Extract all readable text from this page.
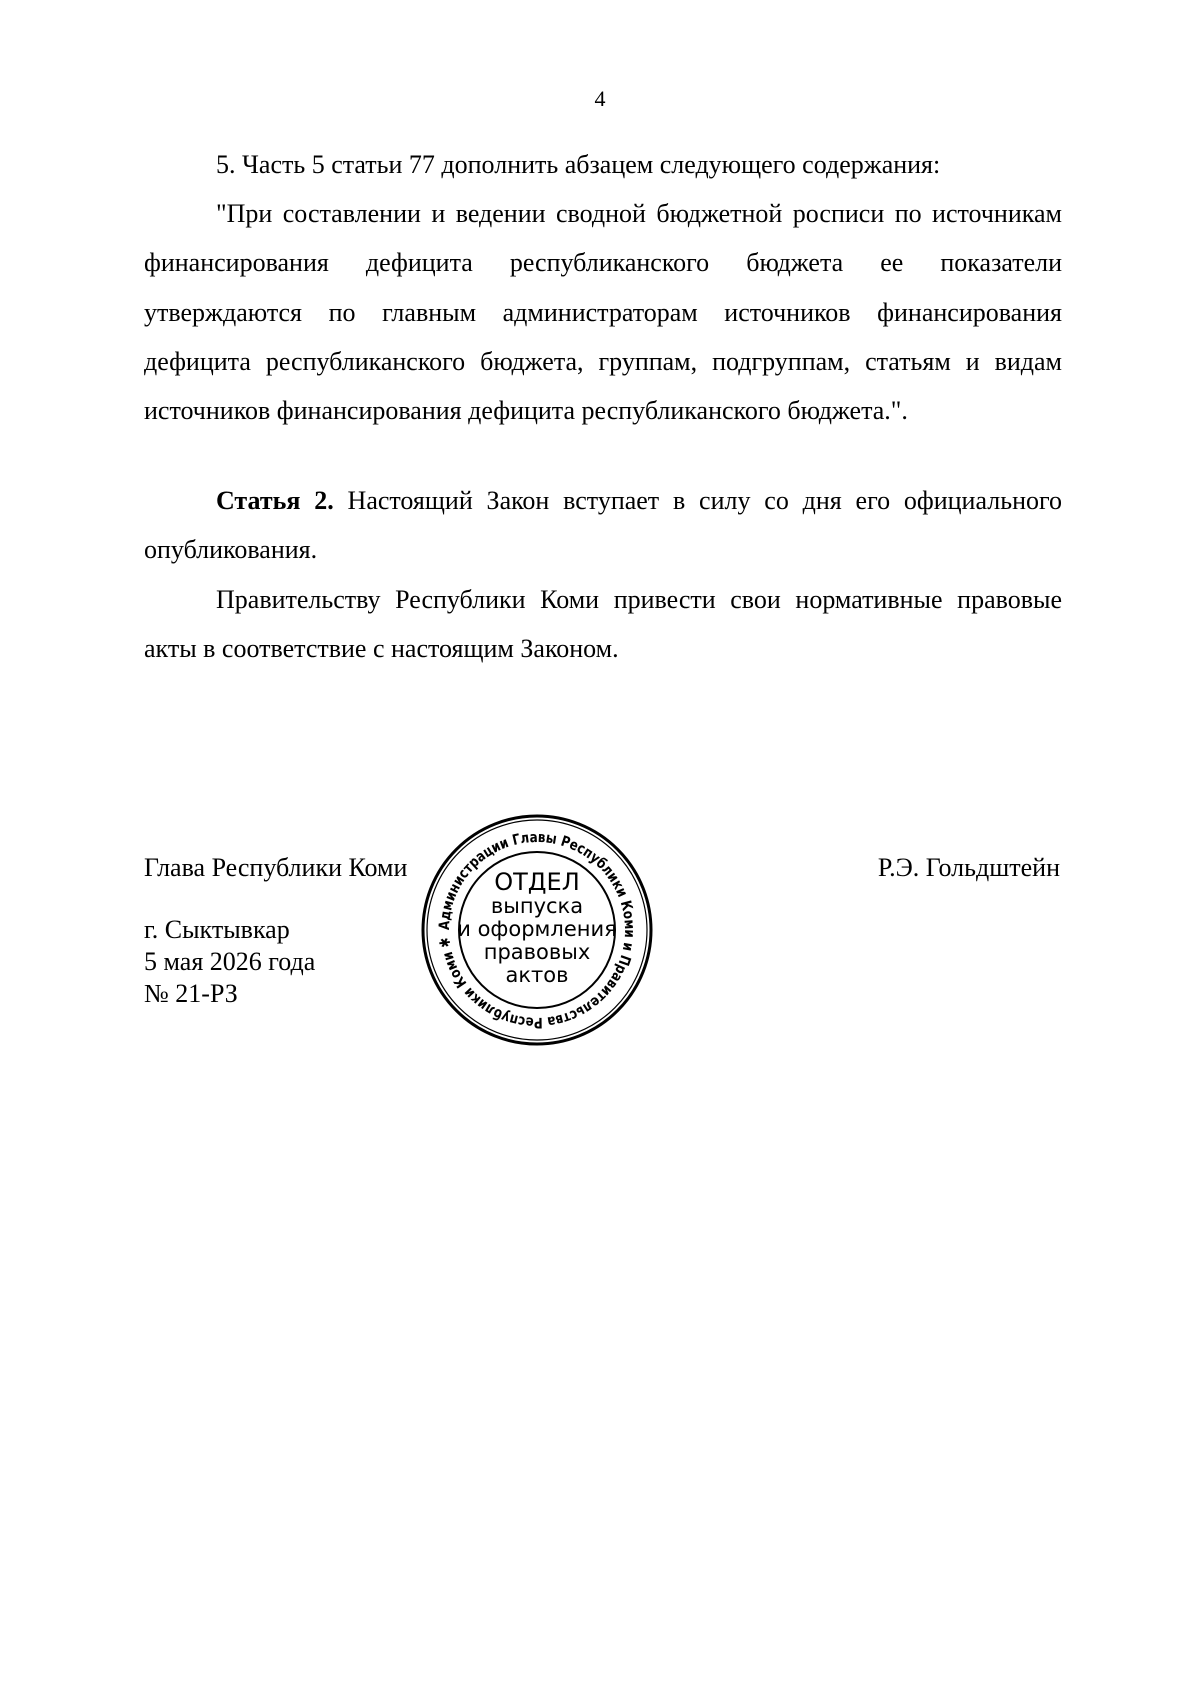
4

5. Часть 5 статьи 77 дополнить абзацем следующего содержания:

"При составлении и ведении сводной бюджетной росписи по источникам финансирования дефицита республиканского бюджета ее показатели утверждаются по главным администраторам источников финансирования дефицита республиканского бюджета, группам, подгруппам, статьям и видам источников финансирования дефицита республиканского бюджета.".

Статья 2. Настоящий Закон вступает в силу со дня его официального опубликования.

Правительству Республики Коми привести свои нормативные правовые акты в соответствие с настоящим Законом.

Глава Республики Коми	Р.Э. Гольдштейн
г. Сыктывкар
5 мая 2026 года
№ 21-РЗ
Администрации Главы Республики Коми и Правительства Республики Коми ✱
ОТДЕЛ выпуска и оформления правовых актов
